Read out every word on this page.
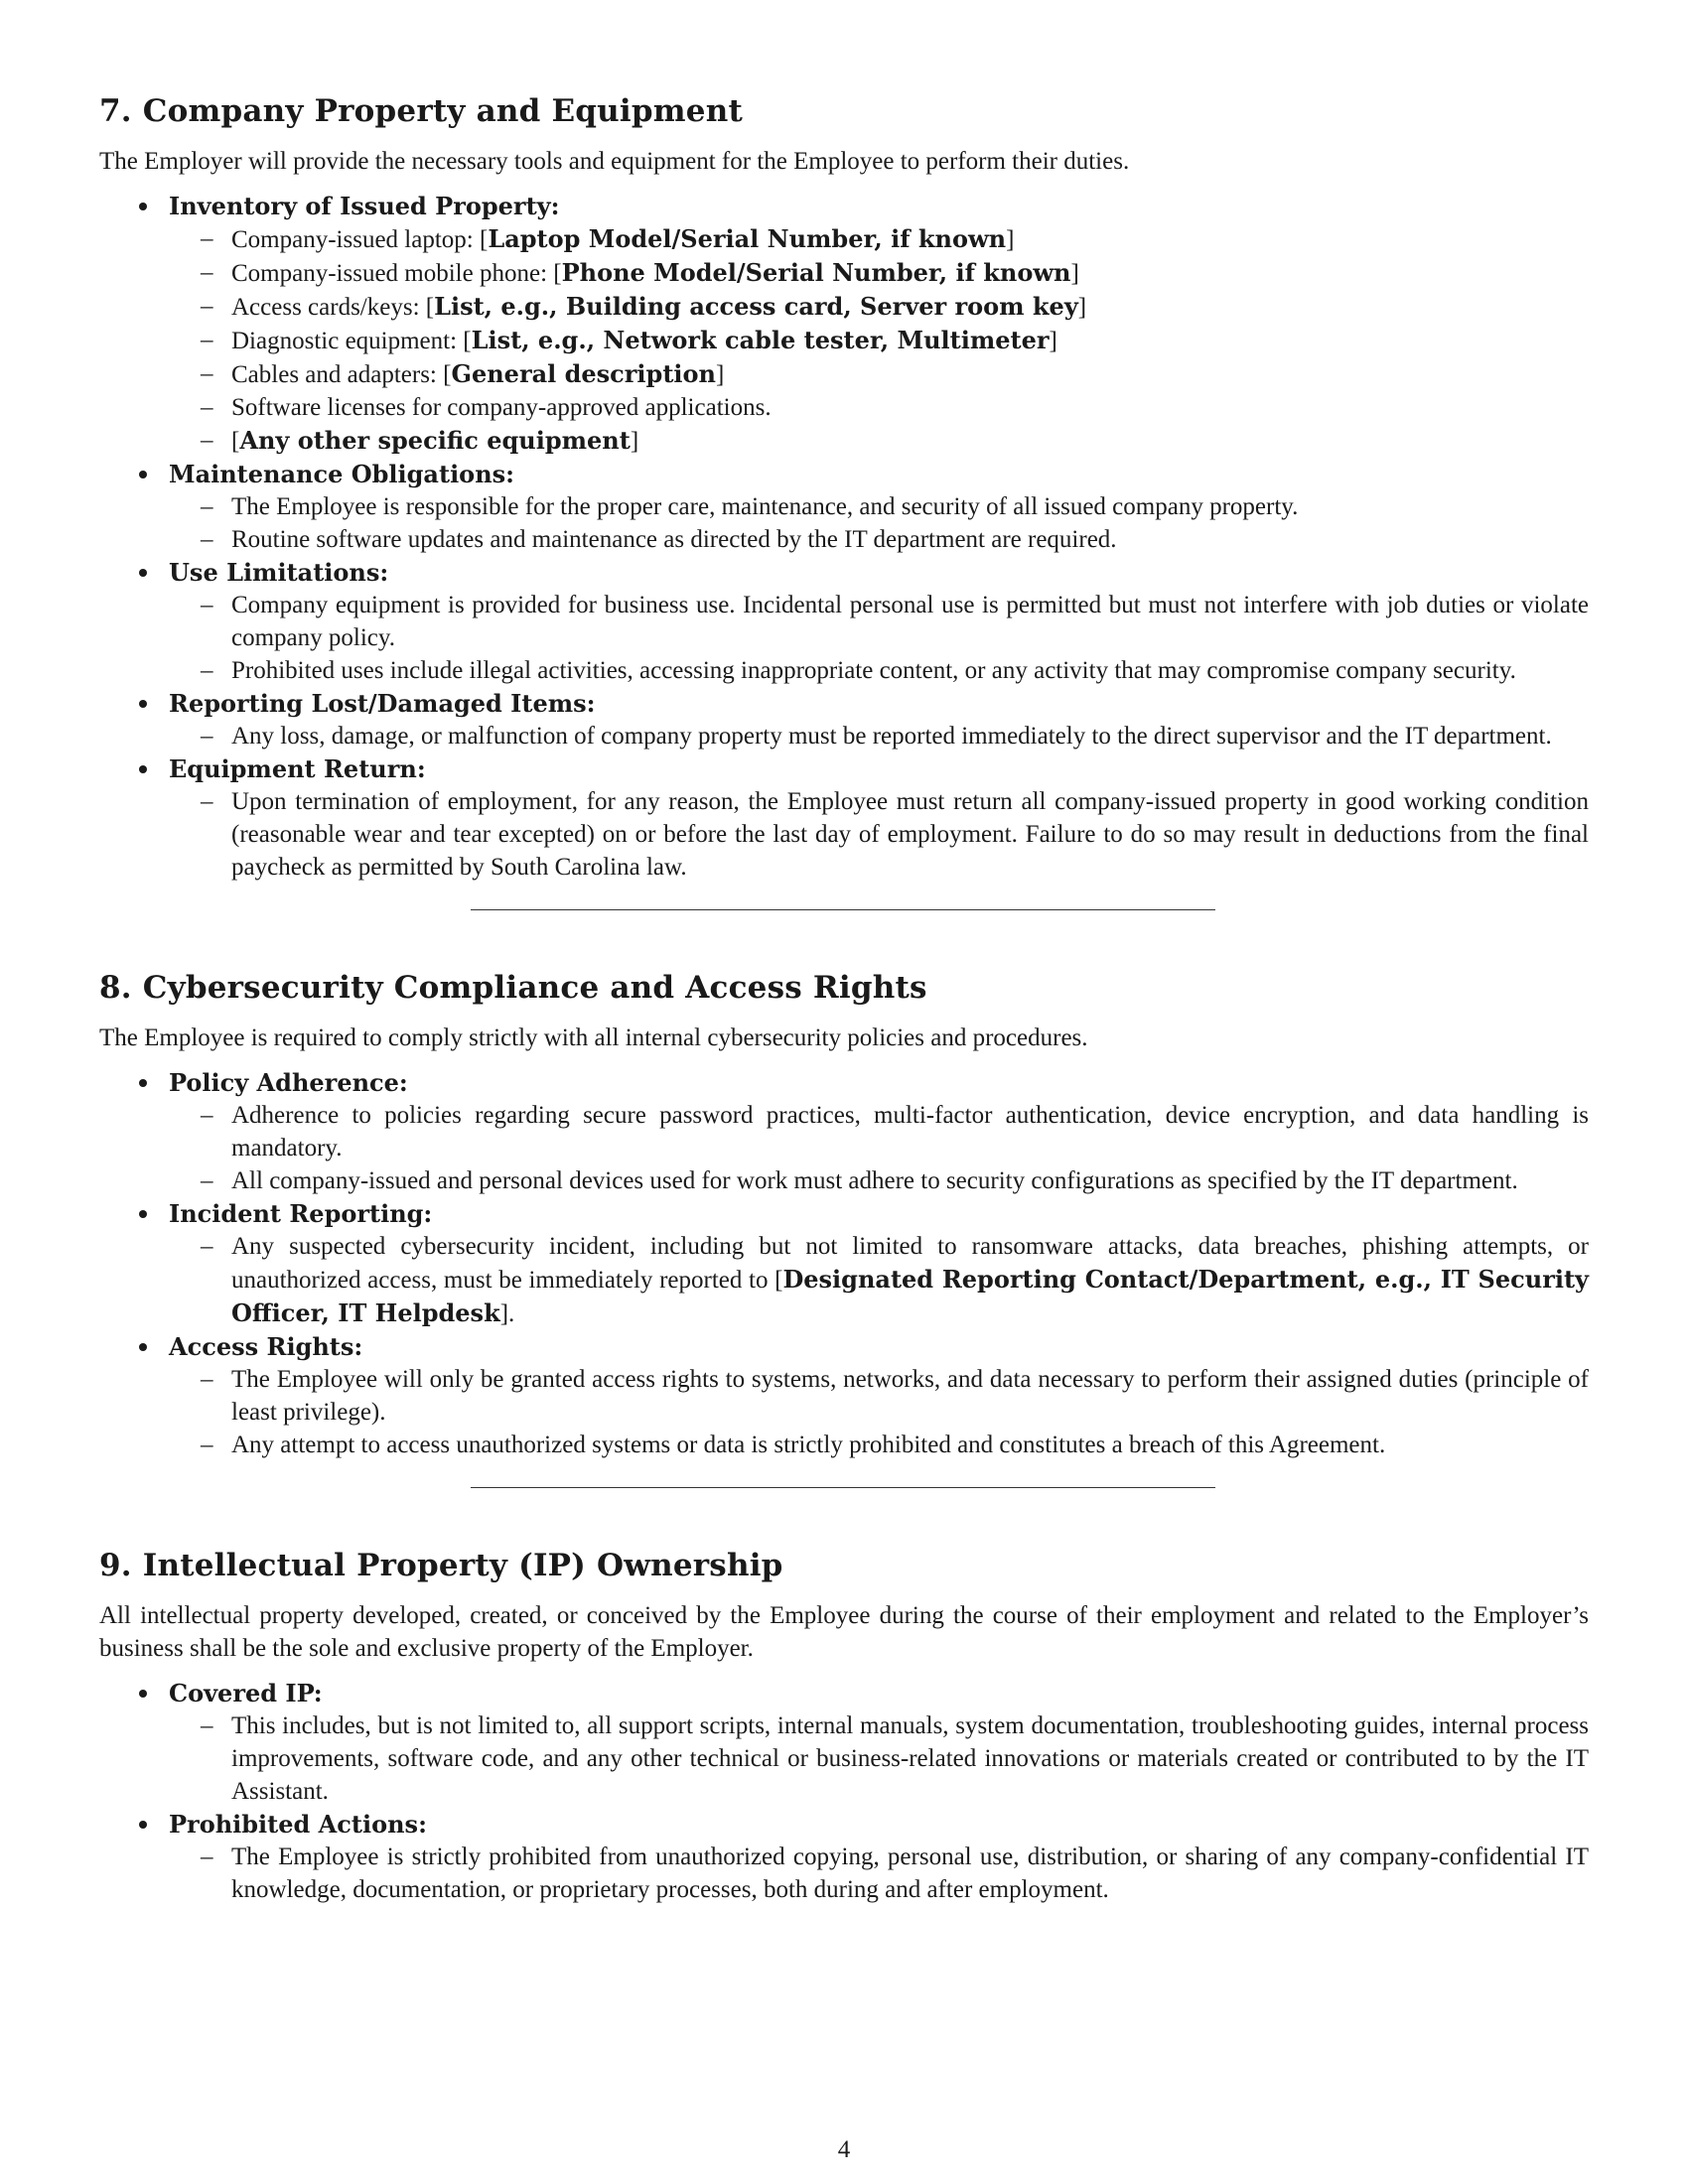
7. Company Property and Equipment

The Employer will provide the necessary tools and equipment for the Employee to perform their duties.

Inventory of Issued Property:
– Company-issued laptop: [Laptop Model/Serial Number, if known]
– Company-issued mobile phone: [Phone Model/Serial Number, if known]
– Access cards/keys: [List, e.g., Building access card, Server room key]
– Diagnostic equipment: [List, e.g., Network cable tester, Multimeter]
– Cables and adapters: [General description]
– Software licenses for company-approved applications.
– [Any other specific equipment]
Maintenance Obligations:
– The Employee is responsible for the proper care, maintenance, and security of all issued company property.
– Routine software updates and maintenance as directed by the IT department are required.
Use Limitations:
– Company equipment is provided for business use. Incidental personal use is permitted but must not interfere with job duties or violate company policy.
– Prohibited uses include illegal activities, accessing inappropriate content, or any activity that may compromise company security.
Reporting Lost/Damaged Items:
– Any loss, damage, or malfunction of company property must be reported immediately to the direct supervisor and the IT department.
Equipment Return:
– Upon termination of employment, for any reason, the Employee must return all company-issued property in good working condition (reasonable wear and tear excepted) on or before the last day of employment. Failure to do so may result in deductions from the final paycheck as permitted by South Carolina law.
8. Cybersecurity Compliance and Access Rights

The Employee is required to comply strictly with all internal cybersecurity policies and procedures.

Policy Adherence:
– Adherence to policies regarding secure password practices, multi-factor authentication, device encryption, and data handling is mandatory.
– All company-issued and personal devices used for work must adhere to security configurations as specified by the IT department.
Incident Reporting:
– Any suspected cybersecurity incident, including but not limited to ransomware attacks, data breaches, phishing attempts, or unauthorized access, must be immediately reported to [Designated Reporting Contact/Department, e.g., IT Security Officer, IT Helpdesk].
Access Rights:
– The Employee will only be granted access rights to systems, networks, and data necessary to perform their assigned duties (principle of least privilege).
– Any attempt to access unauthorized systems or data is strictly prohibited and constitutes a breach of this Agreement.
9. Intellectual Property (IP) Ownership

All intellectual property developed, created, or conceived by the Employee during the course of their employment and related to the Employer’s business shall be the sole and exclusive property of the Employer.

Covered IP:
– This includes, but is not limited to, all support scripts, internal manuals, system documentation, troubleshooting guides, internal process improvements, software code, and any other technical or business-related innovations or materials created or contributed to by the IT Assistant.
Prohibited Actions:
– The Employee is strictly prohibited from unauthorized copying, personal use, distribution, or sharing of any company-confidential IT knowledge, documentation, or proprietary processes, both during and after employment.
4
